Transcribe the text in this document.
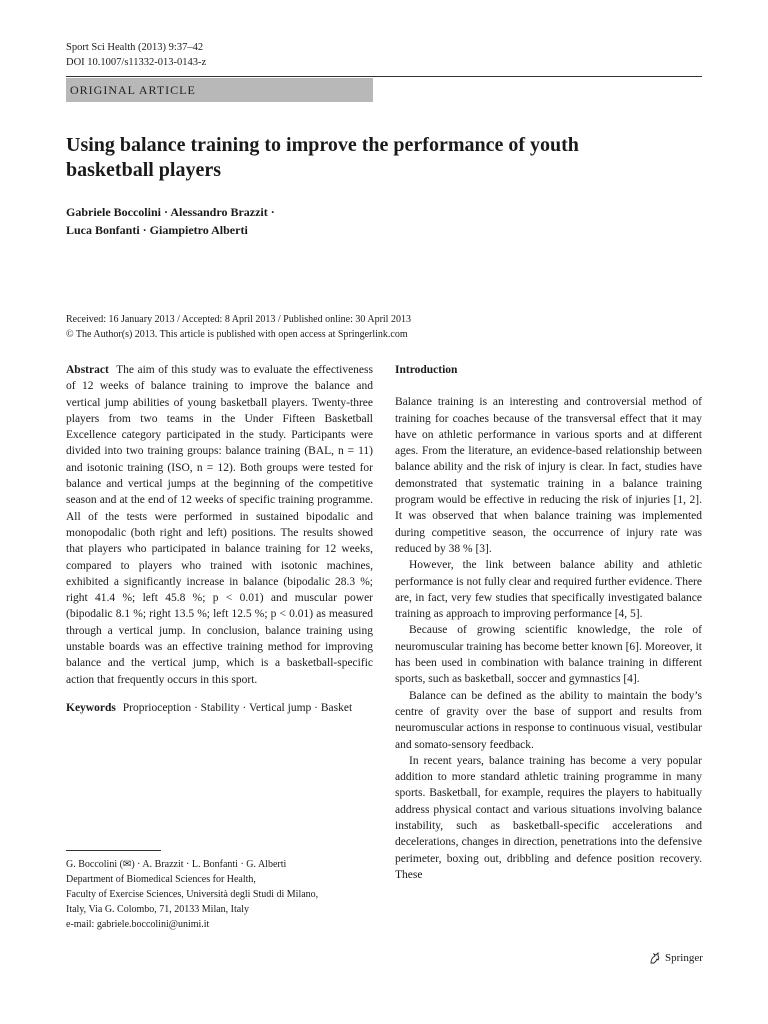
Sport Sci Health (2013) 9:37–42
DOI 10.1007/s11332-013-0143-z
ORIGINAL ARTICLE
Using balance training to improve the performance of youth basketball players
Gabriele Boccolini · Alessandro Brazzit ·
Luca Bonfanti · Giampietro Alberti
Received: 16 January 2013 / Accepted: 8 April 2013 / Published online: 30 April 2013
© The Author(s) 2013. This article is published with open access at Springerlink.com
Abstract The aim of this study was to evaluate the effectiveness of 12 weeks of balance training to improve the balance and vertical jump abilities of young basketball players. Twenty-three players from two teams in the Under Fifteen Basketball Excellence category participated in the study. Participants were divided into two training groups: balance training (BAL, n = 11) and isotonic training (ISO, n = 12). Both groups were tested for balance and vertical jumps at the beginning of the competitive season and at the end of 12 weeks of specific training programme. All of the tests were performed in sustained bipodalic and monopodalic (both right and left) positions. The results showed that players who participated in balance training for 12 weeks, compared to players who trained with isotonic machines, exhibited a significantly increase in balance (bipodalic 28.3 %; right 41.4 %; left 45.8 %; p < 0.01) and muscular power (bipodalic 8.1 %; right 13.5 %; left 12.5 %; p < 0.01) as measured through a vertical jump. In conclusion, balance training using unstable boards was an effective training method for improving balance and the vertical jump, which is a basketball-specific action that frequently occurs in this sport.
Keywords Proprioception · Stability · Vertical jump · Basket
G. Boccolini (✉) · A. Brazzit · L. Bonfanti · G. Alberti
Department of Biomedical Sciences for Health,
Faculty of Exercise Sciences, Università degli Studi di Milano,
Italy, Via G. Colombo, 71, 20133 Milan, Italy
e-mail: gabriele.boccolini@unimi.it
Introduction

Balance training is an interesting and controversial method of training for coaches because of the transversal effect that it may have on athletic performance in various sports and at different ages. From the literature, an evidence-based relationship between balance ability and the risk of injury is clear. In fact, studies have demonstrated that systematic training in a balance training program would be effective in reducing the risk of injuries [1, 2]. It was observed that when balance training was implemented during competitive season, the occurrence of injury rate was reduced by 38 % [3].

However, the link between balance ability and athletic performance is not fully clear and required further evidence. There are, in fact, very few studies that specifically investigated balance training as approach to improving performance [4, 5].

Because of growing scientific knowledge, the role of neuromuscular training has become better known [6]. Moreover, it has been used in combination with balance training in different sports, such as basketball, soccer and gymnastics [4].

Balance can be defined as the ability to maintain the body’s centre of gravity over the base of support and results from neuromuscular actions in response to continuous visual, vestibular and somato-sensory feedback.

In recent years, balance training has become a very popular addition to more standard athletic training programme in many sports. Basketball, for example, requires the players to habitually address physical contact and various situations involving balance instability, such as basketball-specific accelerations and decelerations, changes in direction, penetrations into the defensive perimeter, boxing out, dribbling and defence position recovery. These

Springer
